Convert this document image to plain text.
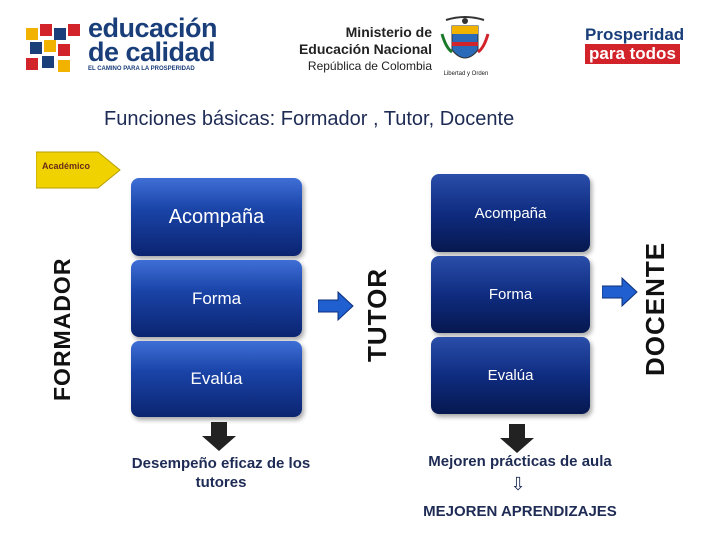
educación
de calidad
EL CAMINO PARA LA PROSPERIDAD
Ministerio de
Educación Nacional
República de Colombia
Libertad y Orden
Prosperidad
para todos
Funciones básicas: Formador , Tutor, Docente
Académico
FORMADOR	TUTOR	DOCENTE
Acompaña
Forma
Evalúa
Acompaña
Forma
Evalúa
Desempeño eficaz de los tutores
Mejoren prácticas de aula
⇩
MEJOREN APRENDIZAJES
